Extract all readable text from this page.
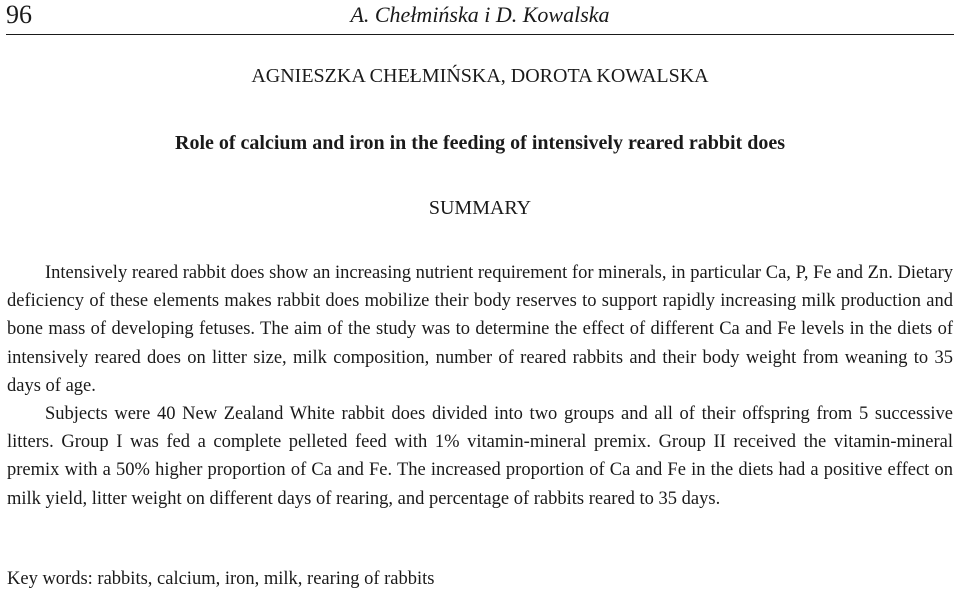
96	A. Chełmińska i D. Kowalska
AGNIESZKA CHEŁMIŃSKA, DOROTA KOWALSKA
Role of calcium and iron in the feeding of intensively reared rabbit does
SUMMARY

Intensively reared rabbit does show an increasing nutrient requirement for minerals, in particular Ca, P, Fe and Zn. Dietary deficiency of these elements makes rabbit does mobilize their body reserves to support rapidly increasing milk production and bone mass of developing fetuses. The aim of the study was to determine the effect of different Ca and Fe levels in the diets of intensively reared does on litter size, milk composition, number of reared rabbits and their body weight from weaning to 35 days of age.

Subjects were 40 New Zealand White rabbit does divided into two groups and all of their offspring from 5 successive litters. Group I was fed a complete pelleted feed with 1% vitamin-mineral premix. Group II received the vitamin-mineral premix with a 50% higher proportion of Ca and Fe. The increased proportion of Ca and Fe in the diets had a positive effect on milk yield, litter weight on different days of rearing, and percentage of rabbits reared to 35 days.

Key words: rabbits, calcium, iron, milk, rearing of rabbits
